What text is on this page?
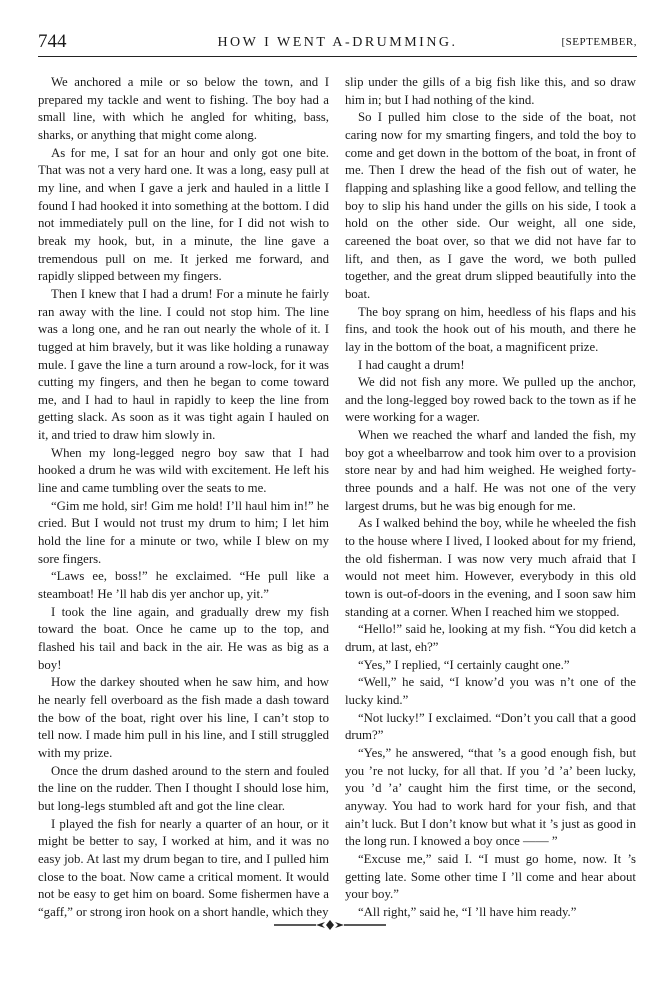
744	HOW I WENT A-DRUMMING.	[SEPTEMBER,

We anchored a mile or so below the town, and I prepared my tackle and went to fishing. The boy had a small line, with which he angled for whiting, bass, sharks, or anything that might come along.

As for me, I sat for an hour and only got one bite. That was not a very hard one. It was a long, easy pull at my line, and when I gave a jerk and hauled in a little I found I had hooked it into something at the bottom. I did not immediately pull on the line, for I did not wish to break my hook, but, in a minute, the line gave a tremendous pull on me. It jerked me forward, and rapidly slipped between my fingers.

Then I knew that I had a drum! For a minute he fairly ran away with the line. I could not stop him. The line was a long one, and he ran out nearly the whole of it. I tugged at him bravely, but it was like holding a runaway mule. I gave the line a turn around a row-lock, for it was cutting my fingers, and then he began to come toward me, and I had to haul in rapidly to keep the line from getting slack. As soon as it was tight again I hauled on it, and tried to draw him slowly in.

When my long-legged negro boy saw that I had hooked a drum he was wild with excitement. He left his line and came tumbling over the seats to me.

“Gim me hold, sir! Gim me hold! I’ll haul him in!” he cried. But I would not trust my drum to him; I let him hold the line for a minute or two, while I blew on my sore fingers.

“Laws ee, boss!” he exclaimed. “He pull like a steamboat! He ’ll hab dis yer anchor up, yit.”

I took the line again, and gradually drew my fish toward the boat. Once he came up to the top, and flashed his tail and back in the air. He was as big as a boy!

How the darkey shouted when he saw him, and how he nearly fell overboard as the fish made a dash toward the bow of the boat, right over his line, I can’t stop to tell now. I made him pull in his line, and I still struggled with my prize.

Once the drum dashed around to the stern and fouled the line on the rudder. Then I thought I should lose him, but long-legs stumbled aft and got the line clear.

I played the fish for nearly a quarter of an hour, or it might be better to say, I worked at him, and it was no easy job. At last my drum began to tire, and I pulled him close to the boat. Now came a critical moment. It would not be easy to get him on board. Some fishermen have a “gaff,” or strong iron hook on a short handle, which they

slip under the gills of a big fish like this, and so draw him in; but I had nothing of the kind.

So I pulled him close to the side of the boat, not caring now for my smarting fingers, and told the boy to come and get down in the bottom of the boat, in front of me. Then I drew the head of the fish out of water, he flapping and splashing like a good fellow, and telling the boy to slip his hand under the gills on his side, I took a hold on the other side. Our weight, all one side, careened the boat over, so that we did not have far to lift, and then, as I gave the word, we both pulled together, and the great drum slipped beautifully into the boat.

The boy sprang on him, heedless of his flaps and his fins, and took the hook out of his mouth, and there he lay in the bottom of the boat, a magnificent prize.

I had caught a drum!

We did not fish any more. We pulled up the anchor, and the long-legged boy rowed back to the town as if he were working for a wager.

When we reached the wharf and landed the fish, my boy got a wheelbarrow and took him over to a provision store near by and had him weighed. He weighed forty-three pounds and a half. He was not one of the very largest drums, but he was big enough for me.

As I walked behind the boy, while he wheeled the fish to the house where I lived, I looked about for my friend, the old fisherman. I was now very much afraid that I would not meet him. However, everybody in this old town is out-of-doors in the evening, and I soon saw him standing at a corner. When I reached him we stopped.

“Hello!” said he, looking at my fish. “You did ketch a drum, at last, eh?”

“Yes,” I replied, “I certainly caught one.”

“Well,” he said, “I know’d you was n’t one of the lucky kind.”

“Not lucky!” I exclaimed. “Don’t you call that a good drum?”

“Yes,” he answered, “that ’s a good enough fish, but you ’re not lucky, for all that. If you ’d ’a’ been lucky, you ’d ’a’ caught him the first time, or the second, anyway. You had to work hard for your fish, and that ain’t luck. But I don’t know but what it ’s just as good in the long run. I knowed a boy once —— ”

“Excuse me,” said I. “I must go home, now. It ’s getting late. Some other time I ’ll come and hear about your boy.”

“All right,” said he, “I ’ll have him ready.”
